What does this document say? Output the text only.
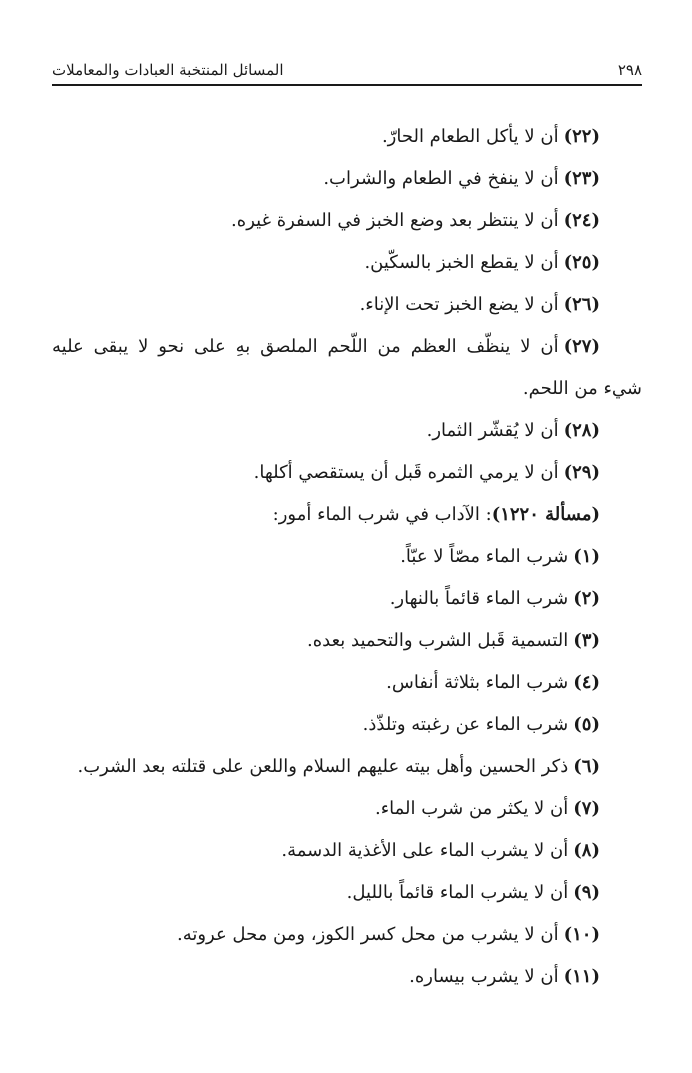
٢٩٨
المسائل المنتخبة العبادات والمعاملات
(٢٢)أن لا يأكل الطعام الحارّ.
(٢٣)أن لا ينفخ في الطعام والشراب.
(٢٤)أن لا ينتظر بعد وضع الخبز في السفرة غيره.
(٢٥)أن لا يقطع الخبز بالسكّين.
(٢٦)أن لا يضع الخبز تحت الإناء.
(٢٧)أن لا ينظّف العظم من اللّحم الملصق بهِ على نحو لا يبقى عليه
شيء من اللحم.
(٢٨)أن لا يُقشّر الثمار.
(٢٩)أن لا يرمي الثمره قَبل أن يستقصي أكلها.
(مسألة ١٢٢٠): الآداب في شرب الماء أمور:
(١)شرب الماء مصّاً لا عبّاً.
(٢)شرب الماء قائماً بالنهار.
(٣)التسمية قَبل الشرب والتحميد بعده.
(٤)شرب الماء بثلاثة أنفاس.
(٥)شرب الماء عن رغبته وتلذّذ.
(٦)ذكر الحسين وأهل بيته عليهم السلام واللعن على قتلته بعد الشرب.
(٧)أن لا يكثر من شرب الماء.
(٨)أن لا يشرب الماء على الأغذية الدسمة.
(٩)أن لا يشرب الماء قائماً بالليل.
(١٠)أن لا يشرب من محل كسر الكوز، ومن محل عروته.
(١١)أن لا يشرب بيساره.
